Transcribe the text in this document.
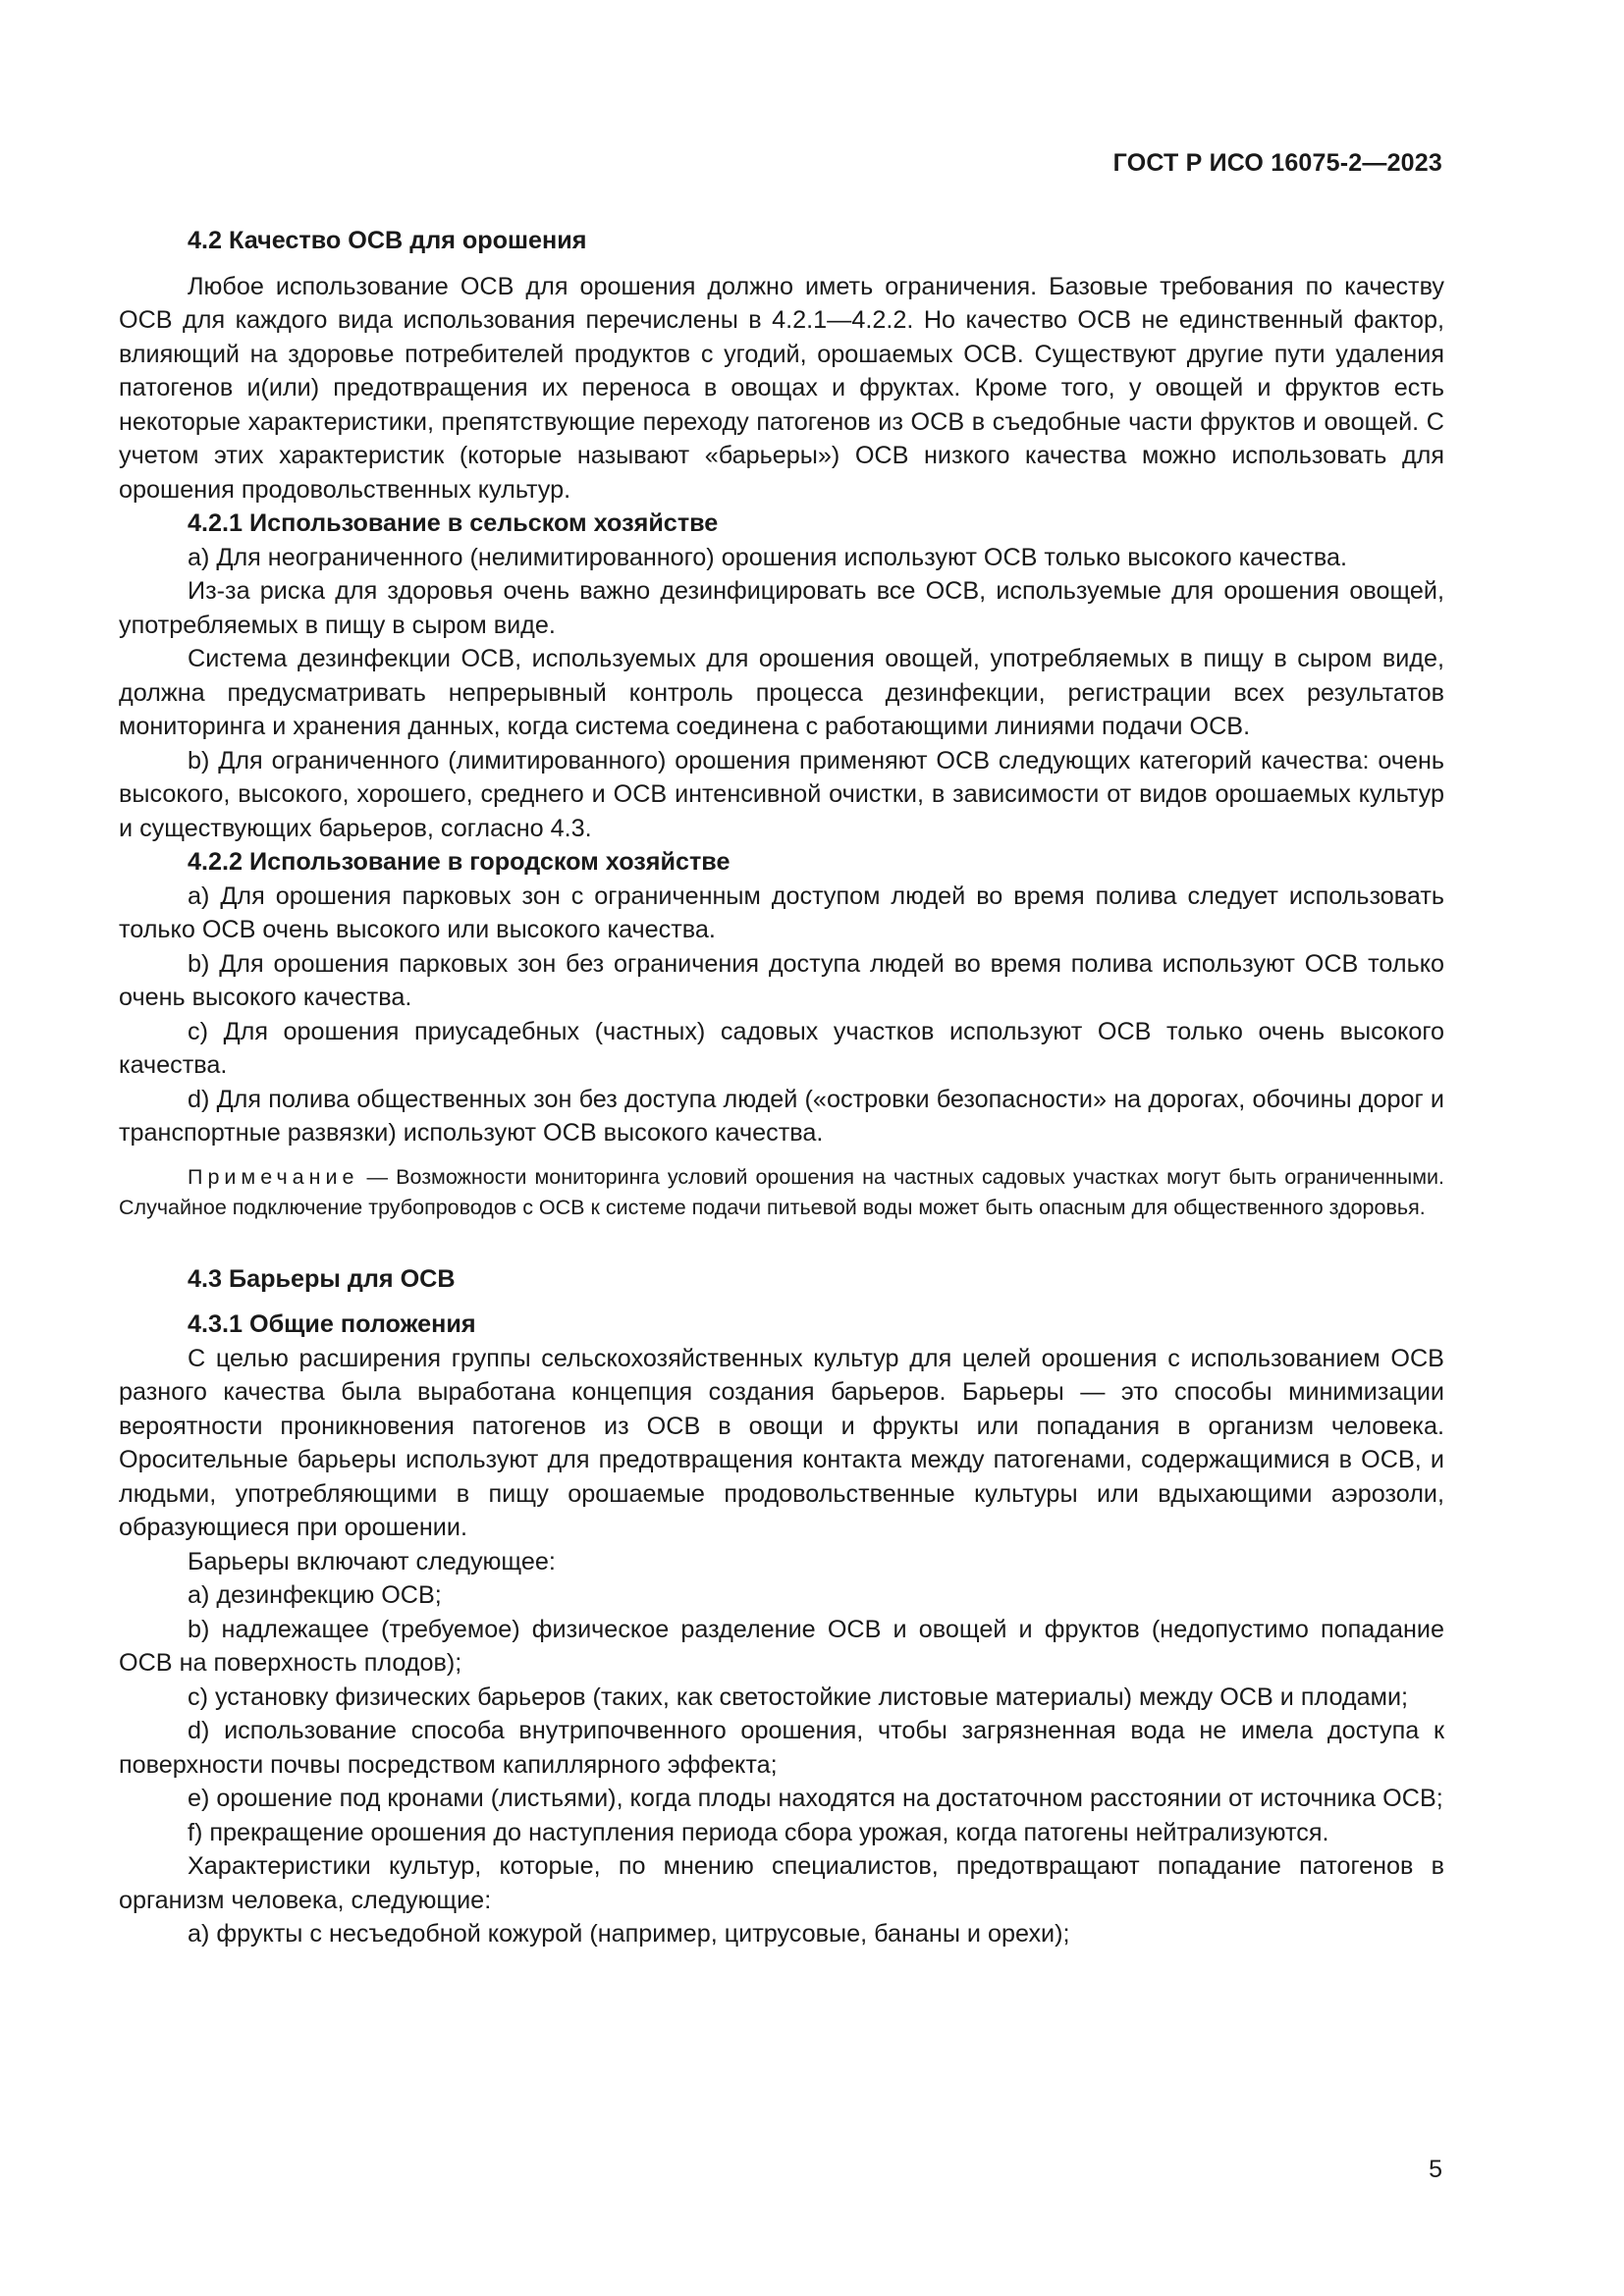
ГОСТ Р ИСО 16075-2—2023

4.2 Качество ОСВ для орошения

Любое использование ОСВ для орошения должно иметь ограничения. Базовые требования по качеству ОСВ для каждого вида использования перечислены в 4.2.1—4.2.2. Но качество ОСВ не единственный фактор, влияющий на здоровье потребителей продуктов с угодий, орошаемых ОСВ. Существуют другие пути удаления патогенов и(или) предотвращения их переноса в овощах и фруктах. Кроме того, у овощей и фруктов есть некоторые характеристики, препятствующие переходу патогенов из ОСВ в съедобные части фруктов и овощей. С учетом этих характеристик (которые называют «барьеры») ОСВ низкого качества можно использовать для орошения продовольственных культур.

4.2.1 Использование в сельском хозяйстве

а) Для неограниченного (нелимитированного) орошения используют ОСВ только высокого качества.

Из-за риска для здоровья очень важно дезинфицировать все ОСВ, используемые для орошения овощей, употребляемых в пищу в сыром виде.

Система дезинфекции ОСВ, используемых для орошения овощей, употребляемых в пищу в сыром виде, должна предусматривать непрерывный контроль процесса дезинфекции, регистрации всех результатов мониторинга и хранения данных, когда система соединена с работающими линиями подачи ОСВ.

b) Для ограниченного (лимитированного) орошения применяют ОСВ следующих категорий качества: очень высокого, высокого, хорошего, среднего и ОСВ интенсивной очистки, в зависимости от видов орошаемых культур и существующих барьеров, согласно 4.3.

4.2.2 Использование в городском хозяйстве

а) Для орошения парковых зон с ограниченным доступом людей во время полива следует использовать только ОСВ очень высокого или высокого качества.

b) Для орошения парковых зон без ограничения доступа людей во время полива используют ОСВ только очень высокого качества.

с) Для орошения приусадебных (частных) садовых участков используют ОСВ только очень высокого качества.

d) Для полива общественных зон без доступа людей («островки безопасности» на дорогах, обочины дорог и транспортные развязки) используют ОСВ высокого качества.

Примечание — Возможности мониторинга условий орошения на частных садовых участках могут быть ограниченными. Случайное подключение трубопроводов с ОСВ к системе подачи питьевой воды может быть опасным для общественного здоровья.

4.3 Барьеры для ОСВ

4.3.1 Общие положения

С целью расширения группы сельскохозяйственных культур для целей орошения с использованием ОСВ разного качества была выработана концепция создания барьеров. Барьеры — это способы минимизации вероятности проникновения патогенов из ОСВ в овощи и фрукты или попадания в организм человека. Оросительные барьеры используют для предотвращения контакта между патогенами, содержащимися в ОСВ, и людьми, употребляющими в пищу орошаемые продовольственные культуры или вдыхающими аэрозоли, образующиеся при орошении.

Барьеры включают следующее:

а) дезинфекцию ОСВ;

b) надлежащее (требуемое) физическое разделение ОСВ и овощей и фруктов (недопустимо попадание ОСВ на поверхность плодов);

с) установку физических барьеров (таких, как светостойкие листовые материалы) между ОСВ и плодами;

d) использование способа внутрипочвенного орошения, чтобы загрязненная вода не имела доступа к поверхности почвы посредством капиллярного эффекта;

е) орошение под кронами (листьями), когда плоды находятся на достаточном расстоянии от источника ОСВ;

f) прекращение орошения до наступления периода сбора урожая, когда патогены нейтрализуются.

Характеристики культур, которые, по мнению специалистов, предотвращают попадание патогенов в организм человека, следующие:

а) фрукты с несъедобной кожурой (например, цитрусовые, бананы и орехи);

5
